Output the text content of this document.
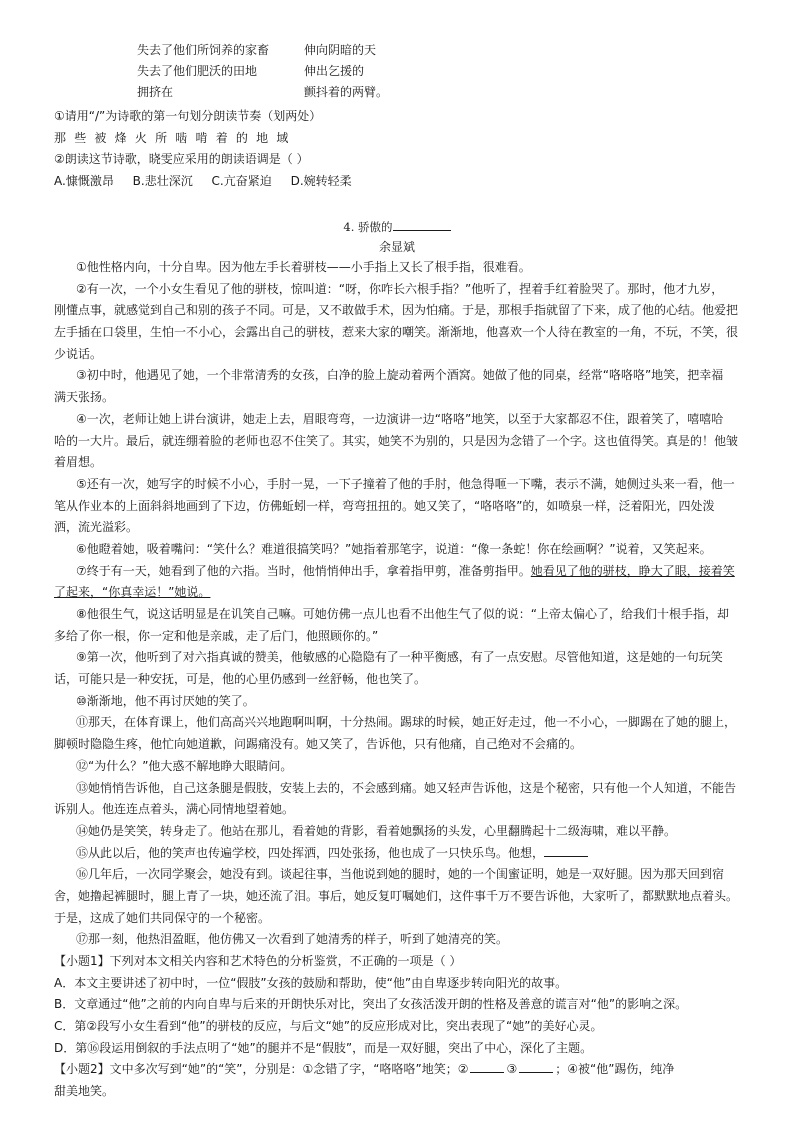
失去了他们所饲养的家畜	伸向阴暗的天
失去了他们肥沃的田地	伸出乞援的
拥挤在	颤抖着的两臂。
①请用“/”为诗歌的第一句划分朗读节奏（划两处）
那 些 被 烽 火 所 啮 啃 着 的 地 域
②朗读这节诗歌，晓雯应采用的朗读语调是（ ）
A.慷慨激昂 B.悲壮深沉 C.亢奋紧迫 D.婉转轻柔
4. 骄傲的
余显斌
①他性格内向，十分自卑。因为他左手长着骈枝——小手指上又长了根手指，很难看。
②有一次，一个小女生看见了他的骈枝，惊叫道：“呀，你咋长六根手指？”他听了，捏着手红着脸哭了。那时，他才九岁，
刚懂点事，就感觉到自己和别的孩子不同。可是，又不敢做手术，因为怕痛。于是，那根手指就留了下来，成了他的心结。他爱把
左手插在口袋里，生怕一不小心，会露出自己的骈枝，惹来大家的嘲笑。渐渐地，他喜欢一个人待在教室的一角，不玩，不笑，很
少说话。
③初中时，他遇见了她，一个非常清秀的女孩，白净的脸上旋动着两个酒窝。她做了他的同桌，经常“咯咯咯”地笑，把幸福
满天张扬。
④一次，老师让她上讲台演讲，她走上去，眉眼弯弯，一边演讲一边“咯咯”地笑，以至于大家都忍不住，跟着笑了，嘻嘻哈
哈的一大片。最后，就连绷着脸的老师也忍不住笑了。其实，她笑不为别的，只是因为念错了一个字。这也值得笑。真是的！他皱
着眉想。
⑤还有一次，她写字的时候不小心，手肘一晃，一下子撞着了他的手肘，他急得咂一下嘴，表示不满，她侧过头来一看，他一
笔从作业本的上面斜斜地画到了下边，仿佛蚯蚓一样，弯弯扭扭的。她又笑了，“咯咯咯”的，如喷泉一样，泛着阳光，四处泼
洒，流光溢彩。
⑥他瞪着她，吸着嘴问：“笑什么？难道很搞笑吗？”她指着那笔字，说道：“像一条蛇！你在绘画啊？”说着，又笑起来。
⑦终于有一天，她看到了他的六指。当时，他悄悄伸出手，拿着指甲剪，准备剪指甲。她看见了他的骈枝，睁大了眼，接着笑
了起来，“你真幸运！”她说。
⑧他很生气，说这话明显是在讥笑自己嘛。可她仿佛一点儿也看不出他生气了似的说：“上帝太偏心了，给我们十根手指，却
多给了你一根，你一定和他是亲戚，走了后门，他照顾你的。”
⑨第一次，他听到了对六指真诚的赞美，他敏感的心隐隐有了一种平衡感，有了一点安慰。尽管他知道，这是她的一句玩笑
话，可能只是一种安抚，可是，他的心里仍感到一丝舒畅，他也笑了。
⑩渐渐地，他不再讨厌她的笑了。
⑪那天，在体育课上，他们高高兴兴地跑啊叫啊，十分热闹。踢球的时候，她正好走过，他一不小心，一脚踢在了她的腿上，
脚顿时隐隐生疼，他忙向她道歉，问踢痛没有。她又笑了，告诉他，只有他痛，自己绝对不会痛的。
⑫“为什么？”他大惑不解地睁大眼睛问。
⑬她悄悄告诉他，自己这条腿是假肢，安装上去的，不会感到痛。她又轻声告诉他，这是个秘密，只有他一个人知道，不能告
诉别人。他连连点着头，满心同情地望着她。
⑭她仍是笑笑，转身走了。他站在那儿，看着她的背影，看着她飘扬的头发，心里翻腾起十二级海啸，难以平静。
⑮从此以后，他的笑声也传遍学校，四处挥洒，四处张扬，他也成了一只快乐鸟。他想，
⑯几年后，一次同学聚会，她没有到。谈起往事，当他说到她的腿时，她的一个闺蜜证明，她是一双好腿。因为那天回到宿
舍，她撸起裤腿时，腿上青了一块，她还流了泪。事后，她反复叮嘱她们，这件事千万不要告诉他，大家听了，都默默地点着头。
于是，这成了她们共同保守的一个秘密。
⑰那一刻，他热泪盈眶，他仿佛又一次看到了她清秀的样子，听到了她清亮的笑。
【小题1】下列对本文相关内容和艺术特色的分析鉴赏，不正确的一项是（ ）
A．本文主要讲述了初中时，一位“假肢”女孩的鼓励和帮助，使“他”由自卑逐步转向阳光的故事。
B．文章通过“他”之前的内向自卑与后来的开朗快乐对比，突出了女孩活泼开朗的性格及善意的谎言对“他”的影响之深。
C．第②段写小女生看到“他”的骈枝的反应，与后文“她”的反应形成对比，突出表现了“她”的美好心灵。
D．第⑯段运用倒叙的手法点明了“她”的腿并不是“假肢”，而是一双好腿，突出了中心，深化了主题。
【小题2】文中多次写到“她”的“笑”，分别是：①念错了字，“咯咯咯”地笑；②	③	；④被“他”踢伤，纯净
甜美地笑。
